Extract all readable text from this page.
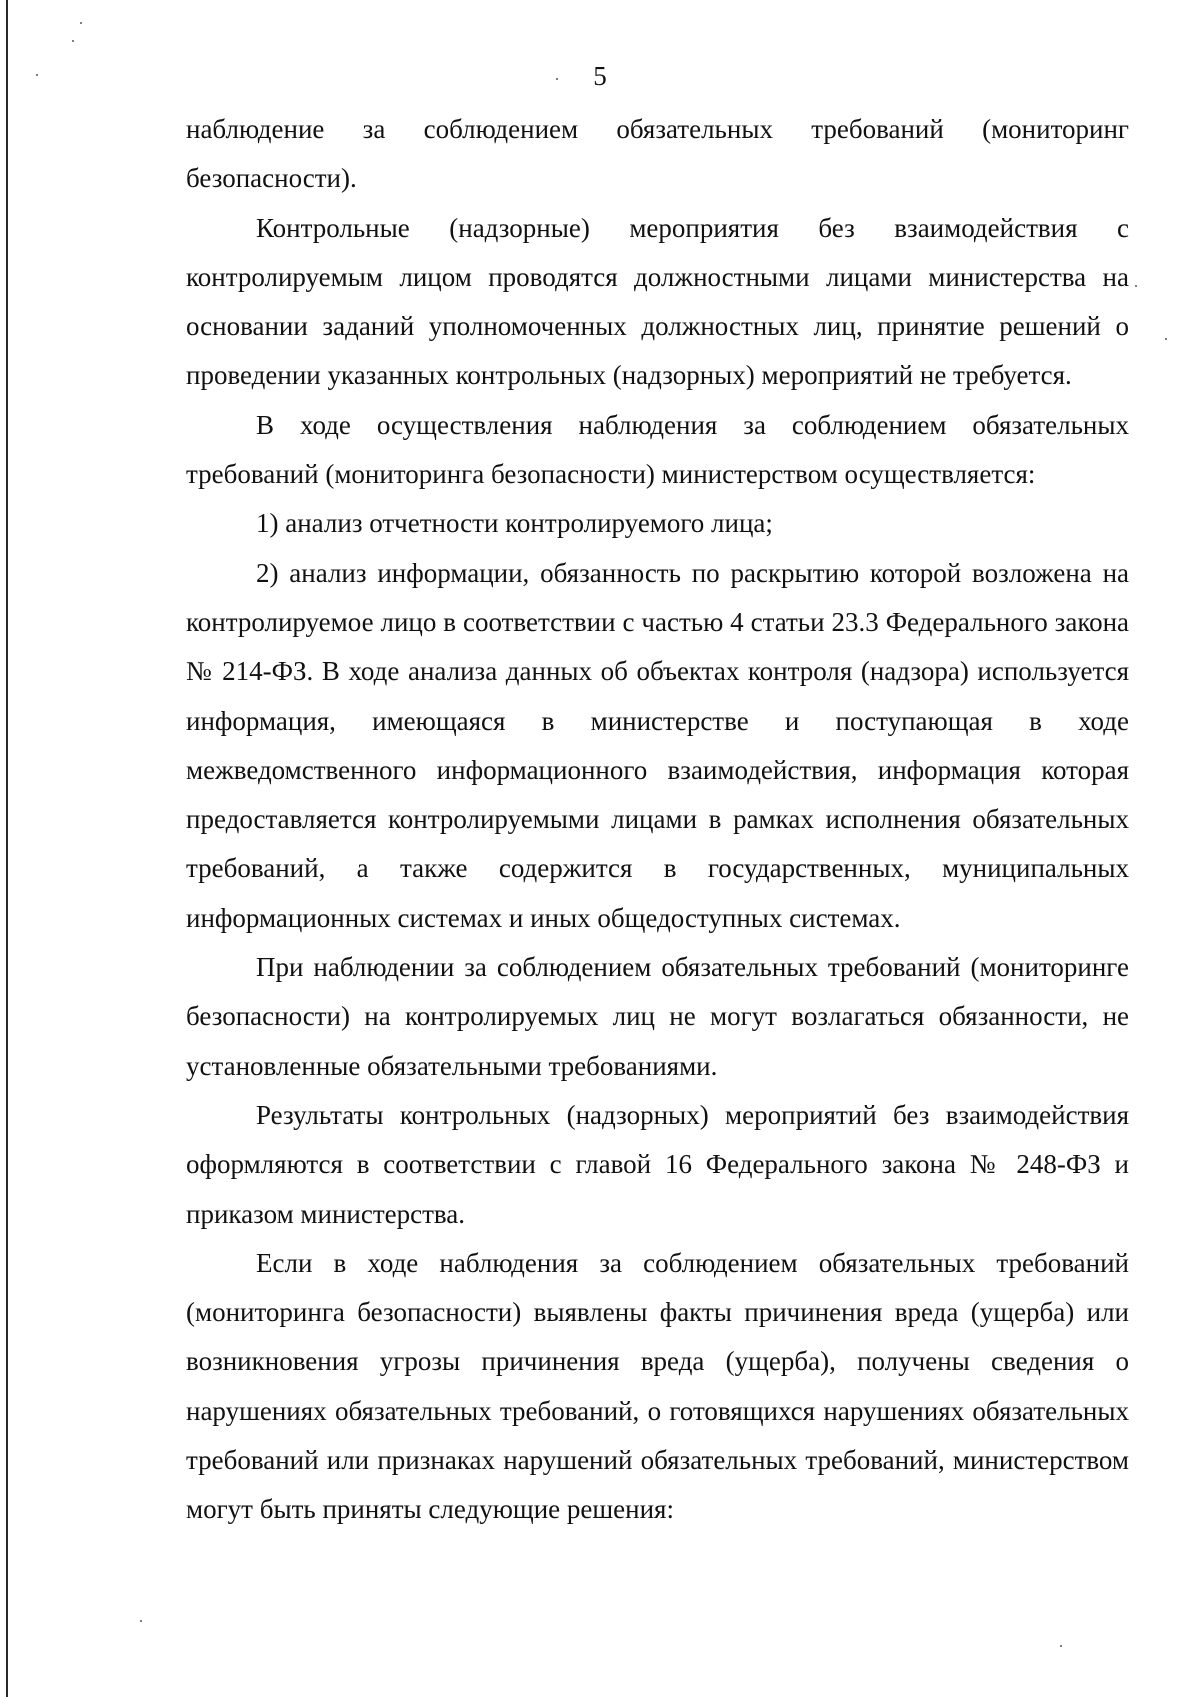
5

наблюдение за соблюдением обязательных требований (мониторинг безопасности).

Контрольные (надзорные) мероприятия без взаимодействия с контролируемым лицом проводятся должностными лицами министерства на основании заданий уполномоченных должностных лиц, принятие решений о проведении указанных контрольных (надзорных) мероприятий не требуется.

В ходе осуществления наблюдения за соблюдением обязательных требований (мониторинга безопасности) министерством осуществляется:

1) анализ отчетности контролируемого лица;

2) анализ информации, обязанность по раскрытию которой возложена на контролируемое лицо в соответствии с частью 4 статьи 23.3 Федерального закона № 214-ФЗ. В ходе анализа данных об объектах контроля (надзора) используется информация, имеющаяся в министерстве и поступающая в ходе межведомственного информационного взаимодействия, информация которая предоставляется контролируемыми лицами в рамках исполнения обязательных требований, а также содержится в государственных, муниципальных информационных системах и иных общедоступных системах.

При наблюдении за соблюдением обязательных требований (мониторинге безопасности) на контролируемых лиц не могут возлагаться обязанности, не установленные обязательными требованиями.

Результаты контрольных (надзорных) мероприятий без взаимодействия оформляются в соответствии с главой 16 Федерального закона № 248-ФЗ и приказом министерства.

Если в ходе наблюдения за соблюдением обязательных требований (мониторинга безопасности) выявлены факты причинения вреда (ущерба) или возникновения угрозы причинения вреда (ущерба), получены сведения о нарушениях обязательных требований, о готовящихся нарушениях обязательных требований или признаках нарушений обязательных требований, министерством могут быть приняты следующие решения:
